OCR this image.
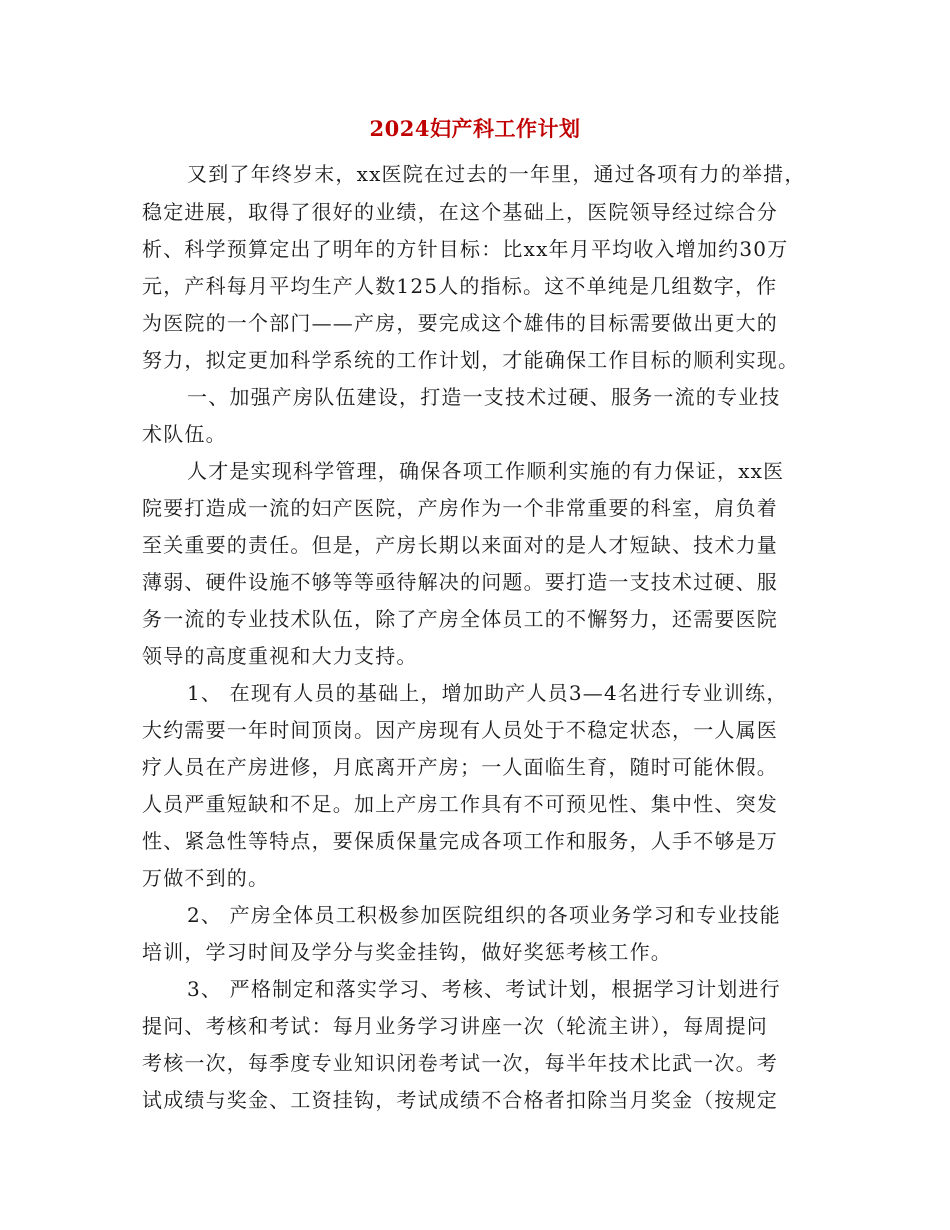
2024妇产科工作计划
又到了年终岁末，xx医院在过去的一年里，通过各项有力的举措，
稳定进展，取得了很好的业绩，在这个基础上，医院领导经过综合分
析、科学预算定出了明年的方针目标：比xx年月平均收入增加约30万
元，产科每月平均生产人数125人的指标。这不单纯是几组数字，作
为医院的一个部门——产房，要完成这个雄伟的目标需要做出更大的
努力，拟定更加科学系统的工作计划，才能确保工作目标的顺利实现。
一、加强产房队伍建设，打造一支技术过硬、服务一流的专业技
术队伍。
人才是实现科学管理，确保各项工作顺利实施的有力保证，xx医
院要打造成一流的妇产医院，产房作为一个非常重要的科室，肩负着
至关重要的责任。但是，产房长期以来面对的是人才短缺、技术力量
薄弱、硬件设施不够等等亟待解决的问题。要打造一支技术过硬、服
务一流的专业技术队伍，除了产房全体员工的不懈努力，还需要医院
领导的高度重视和大力支持。
1、 在现有人员的基础上，增加助产人员3—4名进行专业训练，
大约需要一年时间顶岗。因产房现有人员处于不稳定状态，一人属医
疗人员在产房进修，月底离开产房；一人面临生育，随时可能休假。
人员严重短缺和不足。加上产房工作具有不可预见性、集中性、突发
性、紧急性等特点，要保质保量完成各项工作和服务，人手不够是万
万做不到的。
2、 产房全体员工积极参加医院组织的各项业务学习和专业技能
培训，学习时间及学分与奖金挂钩，做好奖惩考核工作。
3、 严格制定和落实学习、考核、考试计划，根据学习计划进行
提问、考核和考试：每月业务学习讲座一次（轮流主讲），每周提问
考核一次，每季度专业知识闭卷考试一次，每半年技术比武一次。考
试成绩与奖金、工资挂钩，考试成绩不合格者扣除当月奖金（按规定
